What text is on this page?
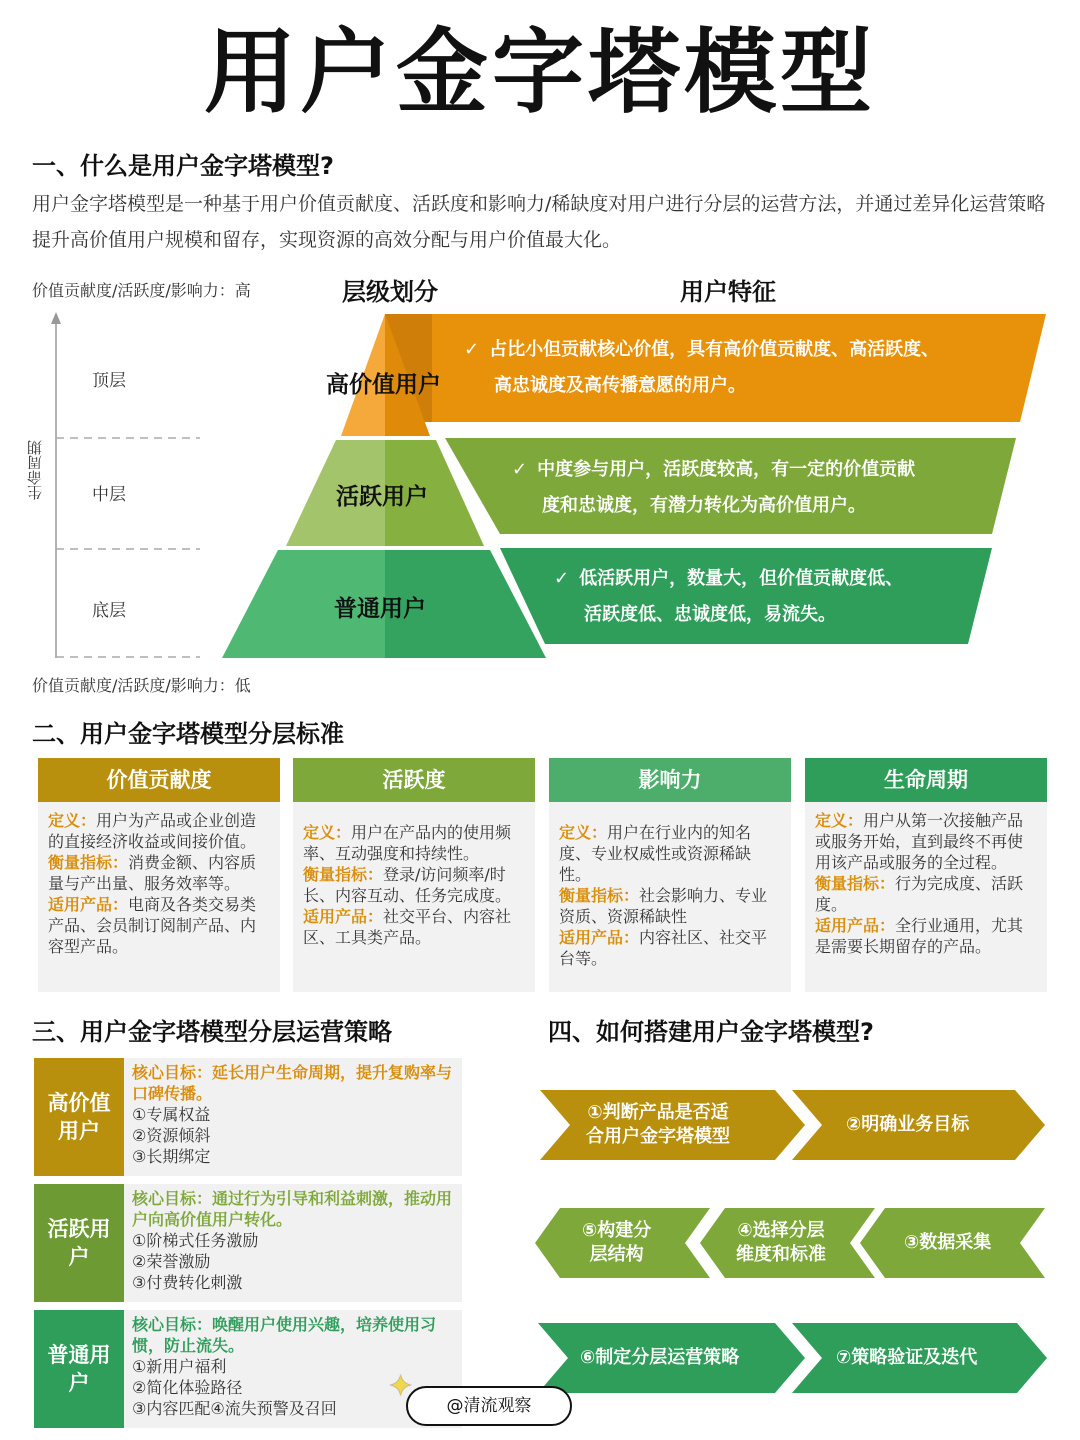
用户金字塔模型
一、什么是用户金字塔模型?
用户金字塔模型是一种基于用户价值贡献度、活跃度和影响力/稀缺度对用户进行分层的运营方法，并通过差异化运营策略提升高价值用户规模和留存，实现资源的高效分配与用户价值最大化。
价值贡献度/活跃度/影响力：高	层级划分	用户特征
生命周期
顶层
中层
底层
高价值用户
活跃用户
普通用户
✓ 占比小但贡献核心价值，具有高价值贡献度、高活跃度、
高忠诚度及高传播意愿的用户。
✓ 中度参与用户，活跃度较高，有一定的价值贡献
度和忠诚度，有潜力转化为高价值用户。
✓ 低活跃用户，数量大，但价值贡献度低、
活跃度低、忠诚度低，易流失。
价值贡献度/活跃度/影响力：低
二、用户金字塔模型分层标准
价值贡献度
定义：用户为产品或企业创造的直接经济收益或间接价值。
衡量指标：消费金额、内容质量与产出量、服务效率等。
适用产品：电商及各类交易类产品、会员制订阅制产品、内容型产品。
活跃度
定义：用户在产品内的使用频率、互动强度和持续性。
衡量指标：登录/访问频率/时长、内容互动、任务完成度。
适用产品：社交平台、内容社区、工具类产品。
影响力
定义：用户在行业内的知名度、专业权威性或资源稀缺性。
衡量指标：社会影响力、专业资质、资源稀缺性
适用产品：内容社区、社交平台等。
生命周期
定义：用户从第一次接触产品或服务开始，直到最终不再使用该产品或服务的全过程。
衡量指标：行为完成度、活跃度。
适用产品：全行业通用，尤其是需要长期留存的产品。
三、用户金字塔模型分层运营策略
高价值用户
核心目标：延长用户生命周期，提升复购率与口碑传播。
①专属权益
②资源倾斜
③长期绑定
活跃用户
核心目标：通过行为引导和利益刺激，推动用户向高价值用户转化。
①阶梯式任务激励
②荣誉激励
③付费转化刺激
普通用户
核心目标：唤醒用户使用兴趣，培养使用习惯，防止流失。
①新用户福利
②简化体验路径
③内容匹配④流失预警及召回
四、如何搭建用户金字塔模型?
①判断产品是否适
合用户金字塔模型
②明确业务目标
③数据采集
④选择分层
维度和标准
⑤构建分
层结构
⑥制定分层运营策略	⑦策略验证及迭代
@清流观察
✦
